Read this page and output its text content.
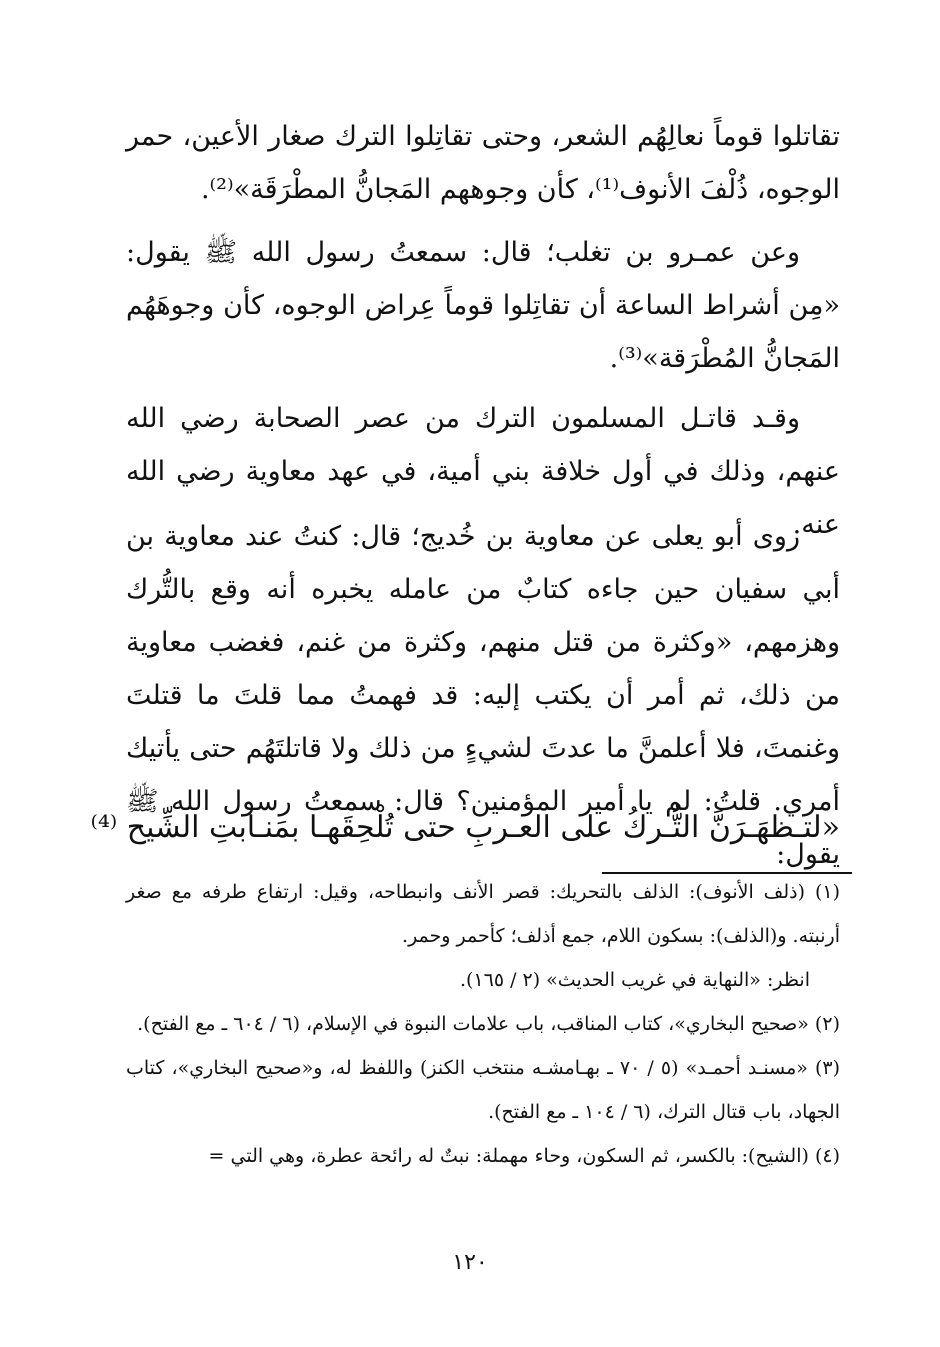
تقاتلوا قوماً نعالِهُم الشعر، وحتى تقاتِلوا الترك صغار الأعين، حمر الوجوه، ذُلْفَ الأنوف⁽¹⁾، كأن وجوههم المَجانُّ المطْرَقَة»⁽²⁾.

وعن عمـرو بن تغلب؛ قال: سمعتُ رسول الله ﷺ يقول: «مِن أشراط الساعة أن تقاتِلوا قوماً عِراض الوجوه، كأن وجوهَهُم المَجانُّ المُطْرَقة»⁽³⁾.

وقـد قاتـل المسلمون الترك من عصر الصحابة رضي الله عنهم، وذلك في أول خلافة بني أمية، في عهد معاوية رضي الله عنه.

روى أبو يعلى عن معاوية بن خُديج؛ قال: كنتُ عند معاوية بن أبي سفيان حين جاءه كتابٌ من عامله يخبره أنه وقع بالتُّرك وهزمهم، «وكثرة من قتل منهم، وكثرة من غنم، فغضب معاوية من ذلك، ثم أمر أن يكتب إليه: قد فهمتُ مما قلتَ ما قتلتَ وغنمتَ، فلا أعلمنَّ ما عدتَ لشيءٍ من ذلك ولا قاتلتَهُم حتى يأتيك أمري. قلتُ: لم يا أمير المؤمنين؟ قال: سمعتُ رسول الله ﷺ يقول:

«لتـظهَـرَنَّ التُّـركُ على العـربِ حتى تُلْحِقَهـا بمَنـابتِ الشِّيح ⁽⁴⁾

(١) (ذلف الأنوف): الذلف بالتحريك: قصر الأنف وانبطاحه، وقيل: ارتفاع طرفه مع صغر أرنبته. و(الذلف): بسكون اللام، جمع أذلف؛ كأحمر وحمر.

انظر: «النهاية في غريب الحديث» (٢ / ١٦٥).

(٢) «صحيح البخاري»، كتاب المناقب، باب علامات النبوة في الإسلام، (٦ / ٦٠٤ ـ مع الفتح).

(٣) «مسنـد أحمـد» (٥ / ٧٠ ـ بهـامشـه منتخب الكنز) واللفظ له، و«صحيح البخاري»، كتاب الجهاد، باب قتال الترك، (٦ / ١٠٤ ـ مع الفتح).

(٤) (الشيح): بالكسر، ثم السكون، وحاء مهملة: نبتٌ له رائحة عطرة، وهي التي =

١٢٠
